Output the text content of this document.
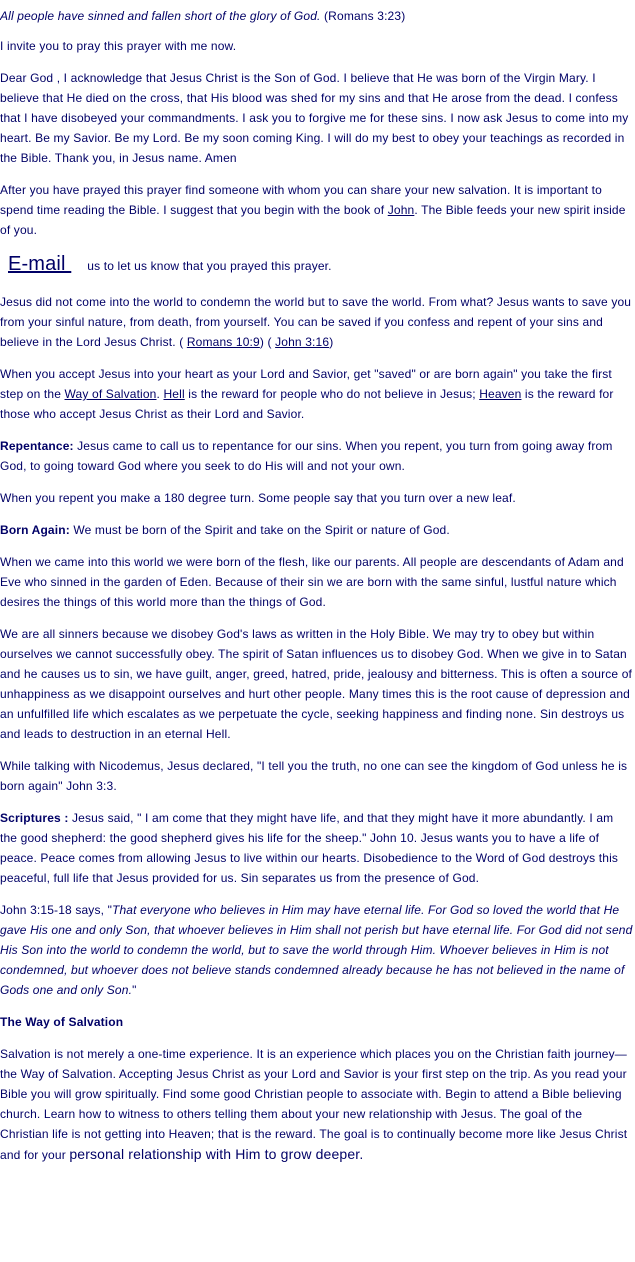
All people have sinned and fallen short of the glory of God. (Romans 3:23)

I invite you to pray this prayer with me now.

Dear God , I acknowledge that Jesus Christ is the Son of God. I believe that He was born of the Virgin Mary. I believe that He died on the cross, that His blood was shed for my sins and that He arose from the dead. I confess that I have disobeyed your commandments. I ask you to forgive me for these sins. I now ask Jesus to come into my heart. Be my Savior. Be my Lord. Be my soon coming King. I will do my best to obey your teachings as recorded in the Bible. Thank you, in Jesus name. Amen

After you have prayed this prayer find someone with whom you can share your new salvation. It is important to spend time reading the Bible. I suggest that you begin with the book of John. The Bible feeds your new spirit inside of you.

E-mail us to let us know that you prayed this prayer.

Jesus did not come into the world to condemn the world but to save the world. From what? Jesus wants to save you from your sinful nature, from death, from yourself. You can be saved if you confess and repent of your sins and believe in the Lord Jesus Christ. ( Romans 10:9) ( John 3:16)

When you accept Jesus into your heart as your Lord and Savior, get "saved" or are born again" you take the first step on the Way of Salvation. Hell is the reward for people who do not believe in Jesus; Heaven is the reward for those who accept Jesus Christ as their Lord and Savior.

Repentance: Jesus came to call us to repentance for our sins. When you repent, you turn from going away from God, to going toward God where you seek to do His will and not your own.

When you repent you make a 180 degree turn. Some people say that you turn over a new leaf.

Born Again: We must be born of the Spirit and take on the Spirit or nature of God.

When we came into this world we were born of the flesh, like our parents. All people are descendants of Adam and Eve who sinned in the garden of Eden. Because of their sin we are born with the same sinful, lustful nature which desires the things of this world more than the things of God.

We are all sinners because we disobey God's laws as written in the Holy Bible. We may try to obey but within ourselves we cannot successfully obey. The spirit of Satan influences us to disobey God. When we give in to Satan and he causes us to sin, we have guilt, anger, greed, hatred, pride, jealousy and bitterness. This is often a source of unhappiness as we disappoint ourselves and hurt other people. Many times this is the root cause of depression and an unfulfilled life which escalates as we perpetuate the cycle, seeking happiness and finding none. Sin destroys us and leads to destruction in an eternal Hell.

While talking with Nicodemus, Jesus declared, "I tell you the truth, no one can see the kingdom of God unless he is born again" John 3:3.

Scriptures : Jesus said, " I am come that they might have life, and that they might have it more abundantly. I am the good shepherd: the good shepherd gives his life for the sheep." John 10. Jesus wants you to have a life of peace. Peace comes from allowing Jesus to live within our hearts. Disobedience to the Word of God destroys this peaceful, full life that Jesus provided for us. Sin separates us from the presence of God.

John 3:15-18 says, "That everyone who believes in Him may have eternal life. For God so loved the world that He gave His one and only Son, that whoever believes in Him shall not perish but have eternal life. For God did not send His Son into the world to condemn the world, but to save the world through Him. Whoever believes in Him is not condemned, but whoever does not believe stands condemned already because he has not believed in the name of Gods one and only Son."

The Way of Salvation

Salvation is not merely a one-time experience. It is an experience which places you on the Christian faith journey—the Way of Salvation. Accepting Jesus Christ as your Lord and Savior is your first step on the trip. As you read your Bible you will grow spiritually. Find some good Christian people to associate with. Begin to attend a Bible believing church. Learn how to witness to others telling them about your new relationship with Jesus. The goal of the Christian life is not getting into Heaven; that is the reward. The goal is to continually become more like Jesus Christ and for your personal relationship with Him to grow deeper.
